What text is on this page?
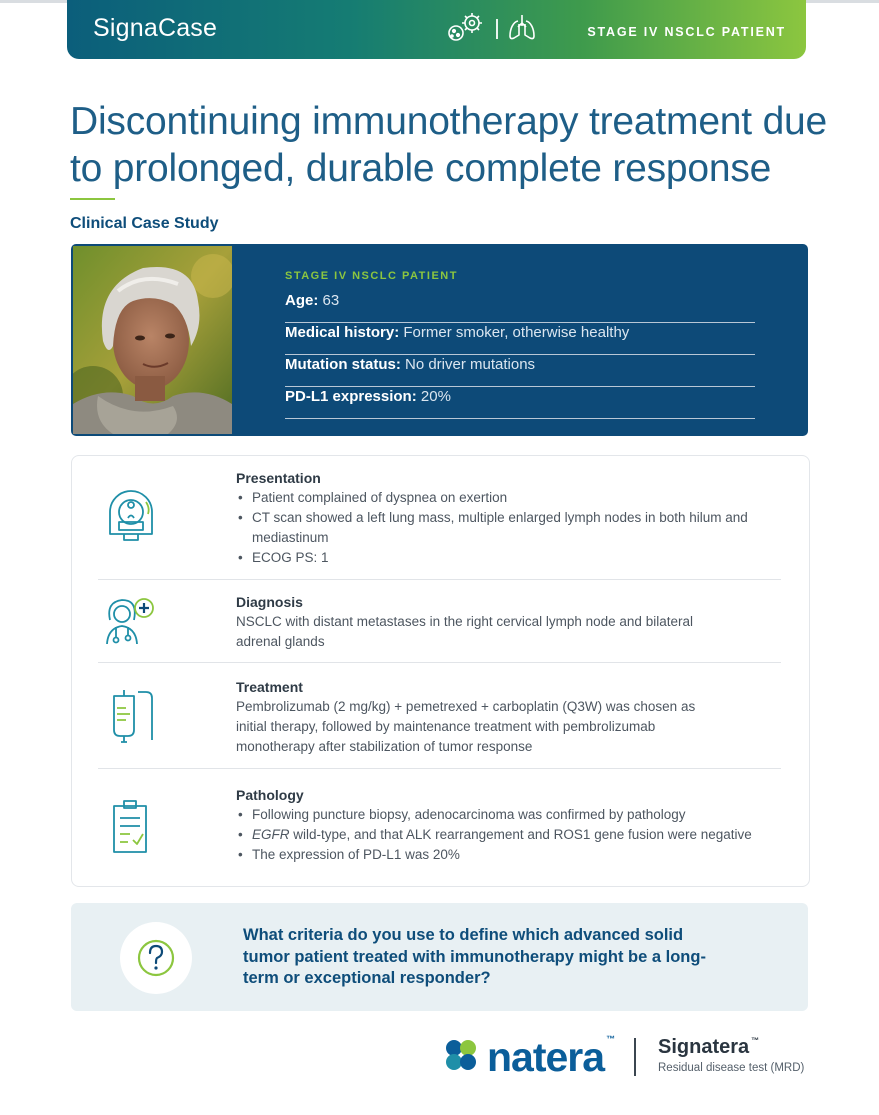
SignaCase	STAGE IV NSCLC PATIENT
Discontinuing immunotherapy treatment due to prolonged, durable complete response
Clinical Case Study
STAGE IV NSCLC PATIENT
Age: 63
Medical history: Former smoker, otherwise healthy
Mutation status: No driver mutations
PD-L1 expression: 20%
Presentation
• Patient complained of dyspnea on exertion
• CT scan showed a left lung mass, multiple enlarged lymph nodes in both hilum and mediastinum
• ECOG PS: 1
Diagnosis
NSCLC with distant metastases in the right cervical lymph node and bilateral adrenal glands
Treatment
Pembrolizumab (2 mg/kg) + pemetrexed + carboplatin (Q3W) was chosen as initial therapy, followed by maintenance treatment with pembrolizumab monotherapy after stabilization of tumor response
Pathology
• Following puncture biopsy, adenocarcinoma was confirmed by pathology
• EGFR wild-type, and that ALK rearrangement and ROS1 gene fusion were negative
• The expression of PD-L1 was 20%
What criteria do you use to define which advanced solid tumor patient treated with immunotherapy might be a long-term or exceptional responder?
natera ™ Signatera ™
Residual disease test (MRD)
